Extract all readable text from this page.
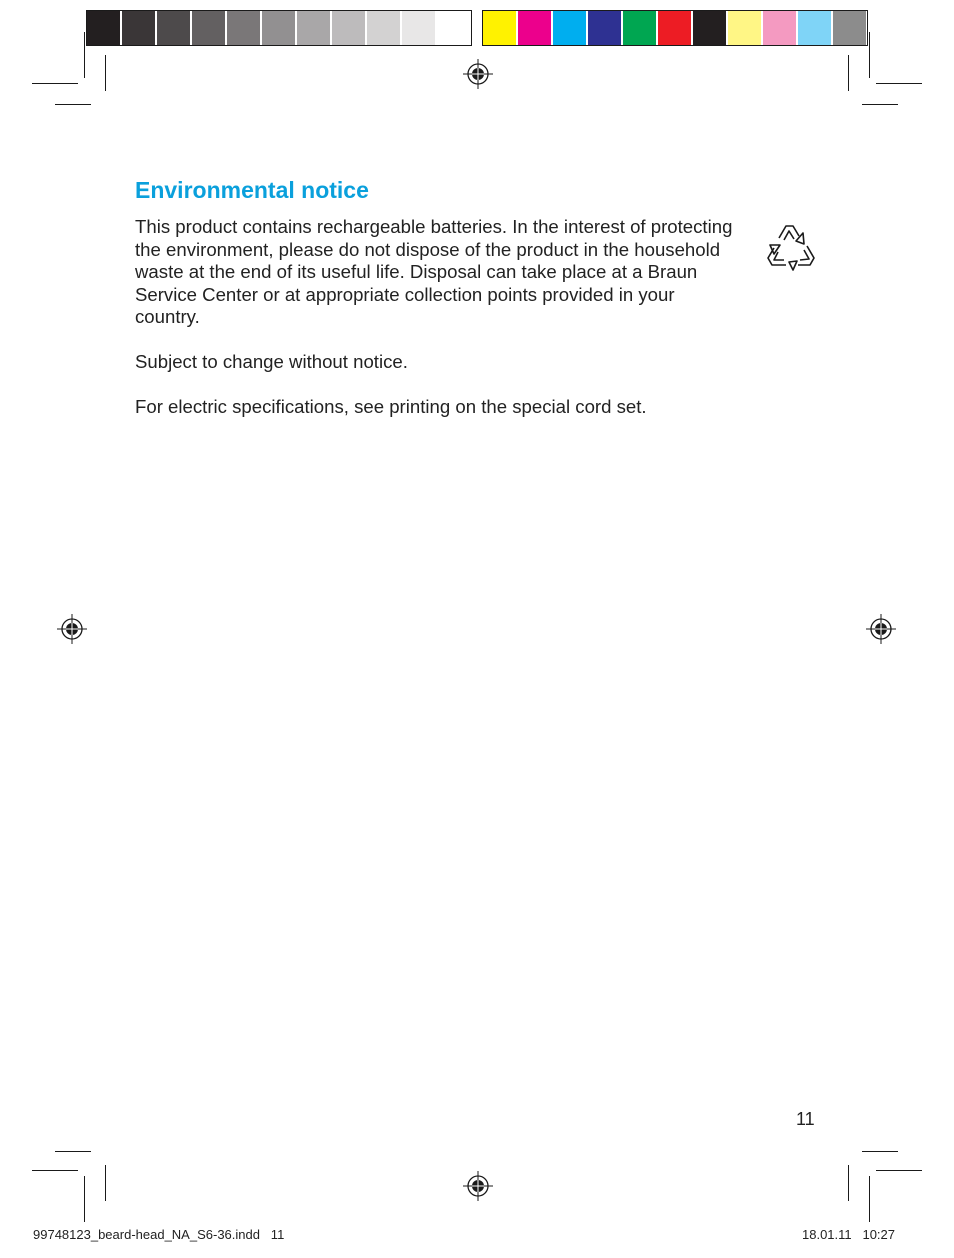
Environmental notice

This product contains rechargeable batteries. In the interest of protecting the environment, please do not dispose of the product in the household waste at the end of its useful life. Disposal can take place at a Braun Service Center or at appropriate collection points provided in your country.

Subject to change without notice.

For electric specifications, see printing on the special cord set.

11
99748123_beard-head_NA_S6-36.indd   11	18.01.11   10:27
